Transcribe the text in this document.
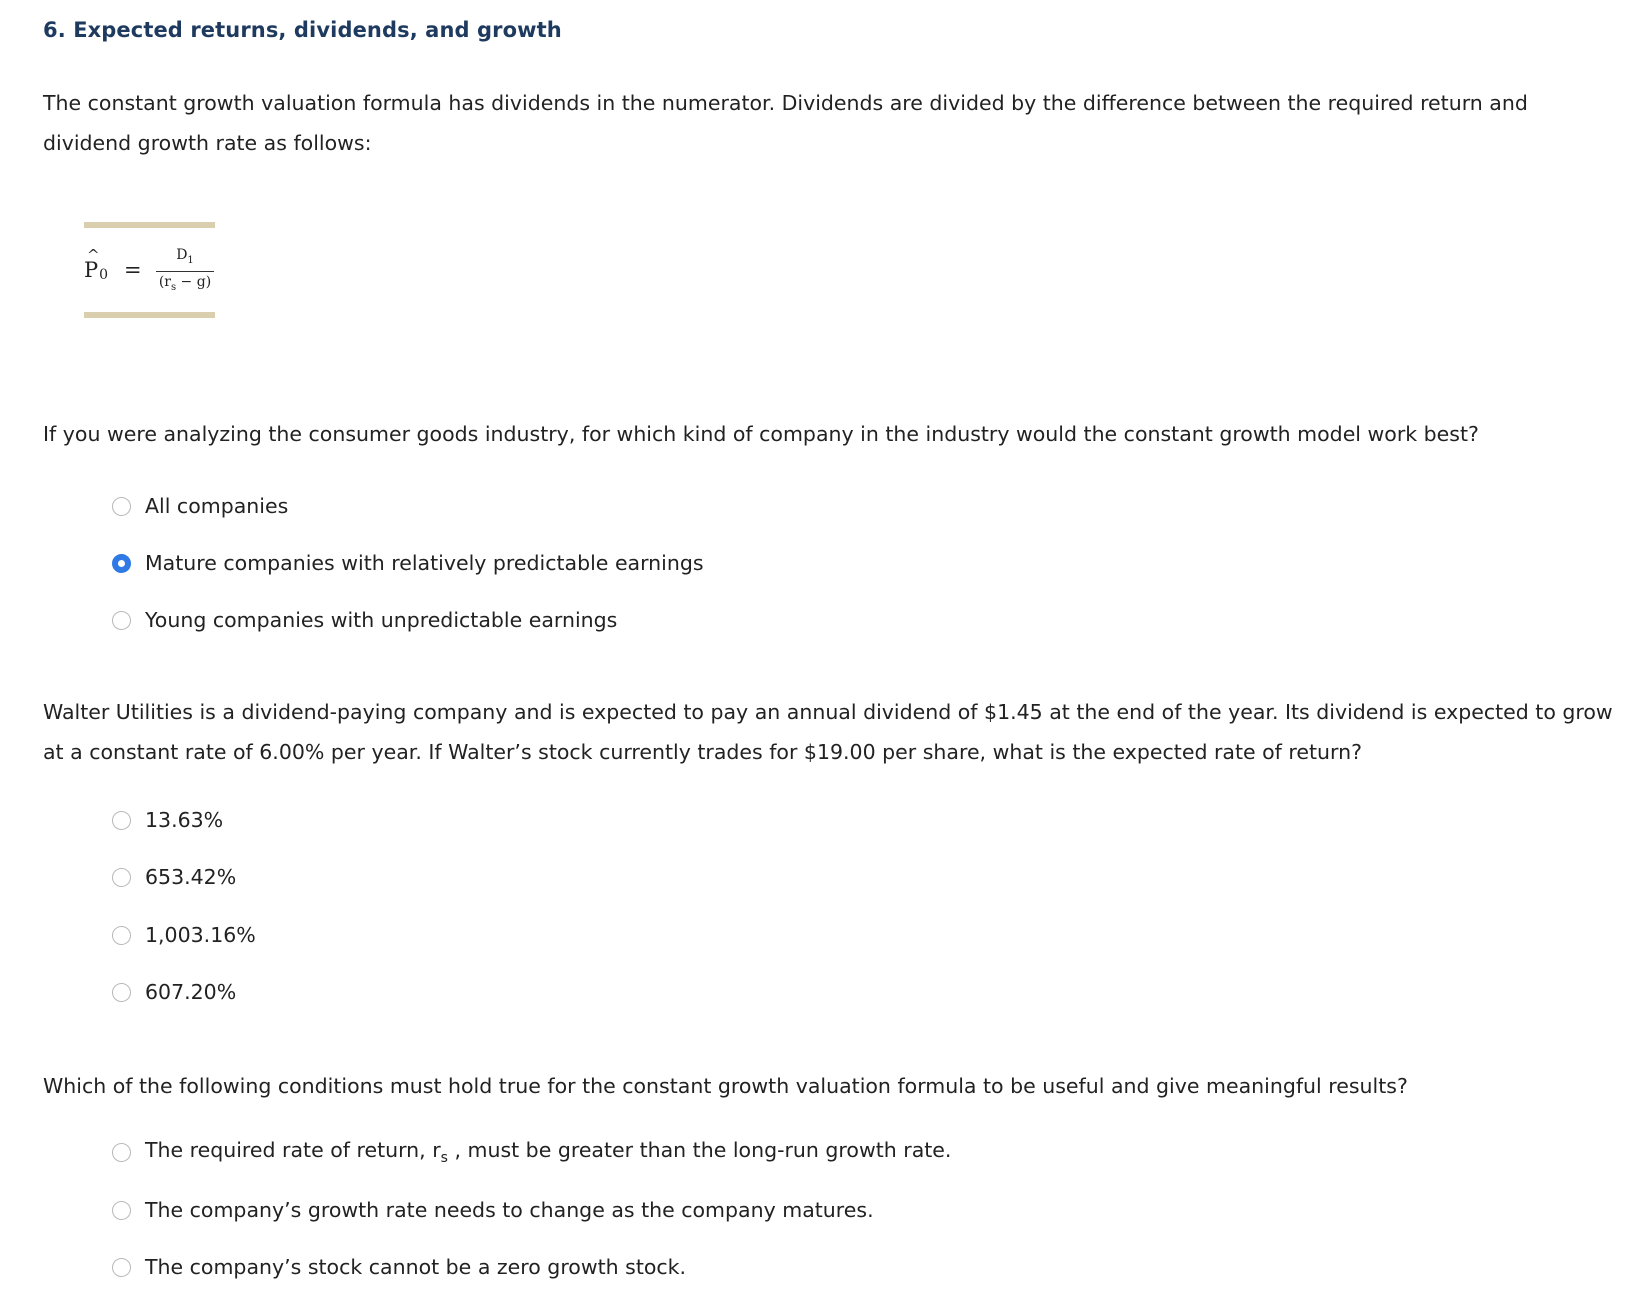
6. Expected returns, dividends, and growth
The constant growth valuation formula has dividends in the numerator. Dividends are divided by the difference between the required return and dividend growth rate as follows:
^
P0 =
$D_1$
$(r_s - g)$
If you were analyzing the consumer goods industry, for which kind of company in the industry would the constant growth model work best?
All companies
Mature companies with relatively predictable earnings
Young companies with unpredictable earnings
Walter Utilities is a dividend-paying company and is expected to pay an annual dividend of $1.45 at the end of the year. Its dividend is expected to grow at a constant rate of 6.00% per year. If Walter’s stock currently trades for $19.00 per share, what is the expected rate of return?
13.63%
653.42%
1,003.16%
607.20%
Which of the following conditions must hold true for the constant growth valuation formula to be useful and give meaningful results?
The required rate of return, $r_s$ , must be greater than the long-run growth rate.
The company’s growth rate needs to change as the company matures.
The company’s stock cannot be a zero growth stock.
